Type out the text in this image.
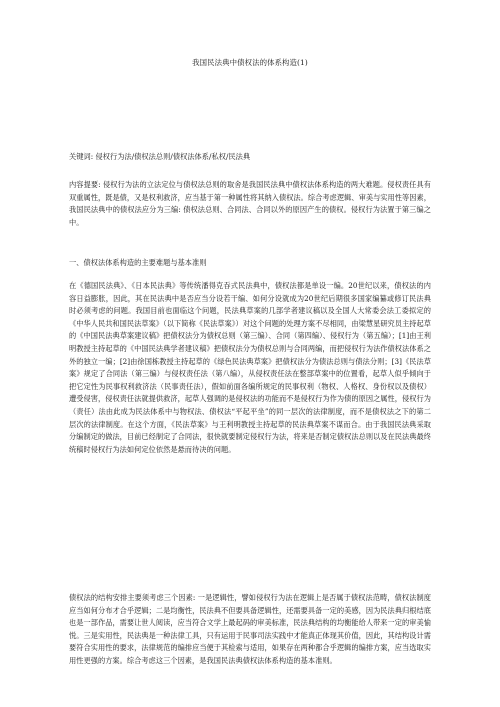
我国民法典中债权法的体系构造(1)

关键词: 侵权行为法/债权法总则/债权法体系/私权/民法典

内容提要: 侵权行为法的立法定位与债权法总则的取舍是我国民法典中债权法体系构造的两大难题。侵权责任具有双重属性，既是债，又是权利救济，应当基于第一种属性将其纳入债权法。综合考虑逻辑、审美与实用性等因素，我国民法典中的债权法应分为三编: 债权法总则、合同法、合同以外的原因产生的债权。侵权行为法置于第三编之中。

一、债权法体系构造的主要难题与基本准则

在《德国民法典》、《日本民法典》等传统潘得克吞式民法典中，债权法都是单设一编。20世纪以来，债权法的内容日益膨胀，因此，其在民法典中是否应当分设若干编、如何分设就成为20世纪后期很多国家编纂或修订民法典时必须考虑的问题。我国目前也面临这个问题，民法典草案的几部学者建议稿以及全国人大常委会法工委拟定的《中华人民共和国民法草案》（以下简称《民法草案》）对这个问题的处理方案不尽相同，由梁慧星研究员主持起草的《中国民法典草案建议稿》把债权法分为债权总则（第三编）、合同（第四编）、侵权行为（第五编）；[1]由王利明教授主持起草的《中国民法典学者建议稿》把债权法分为债权总则与合同两编，而把侵权行为法作债权法体系之外的独立一编；[2]由徐国栋教授主持起草的《绿色民法典草案》把债权法分为债法总则与债法分则；[3]《民法草案》规定了合同法（第三编）与侵权责任法（第八编），从侵权责任法在整部草案中的位置看，起草人似乎倾向于把它定性为民事权利救济法（民事责任法），假如前面各编所规定的民事权利（物权、人格权、身份权以及债权）遭受侵害，侵权责任法就提供救济，起草人强调的是侵权法的功能而不是侵权行为作为债的原因之属性，侵权行为（责任）法由此成为民法体系中与物权法、债权法“平起平坐”的同一层次的法律制度，而不是债权法之下的第二层次的法律制度。在这个方面，《民法草案》与王利明教授主持起草的民法典草案不谋而合。由于我国民法典采取分编制定的做法，目前已经制定了合同法，很快就要制定侵权行为法，将来是否制定债权法总则以及在民法典最终统稿时侵权行为法如何定位依然是悬而待决的问题。

债权法的结构安排主要须考虑三个因素: 一是逻辑性，譬如侵权行为法在逻辑上是否属于债权法范畴，债权法制度应当如何分布才合乎逻辑；二是均衡性，民法典不但要具备逻辑性，还需要具备一定的美感，因为民法典归根结底也是一部作品，需要让世人阅读，应当符合文学上最起码的审美标准，民法典结构的均衡能给人带来一定的审美愉悦。三是实用性，民法典是一种法律工具，只有运用于民事司法实践中才能真正体现其价值，因此，其结构设计需要符合实用性的要求，法律规范的编排应当便于其检索与适用，如果存在两种都合乎逻辑的编排方案，应当选取实用性更强的方案。综合考虑这三个因素，是我国民法典债权法体系构造的基本准则。
